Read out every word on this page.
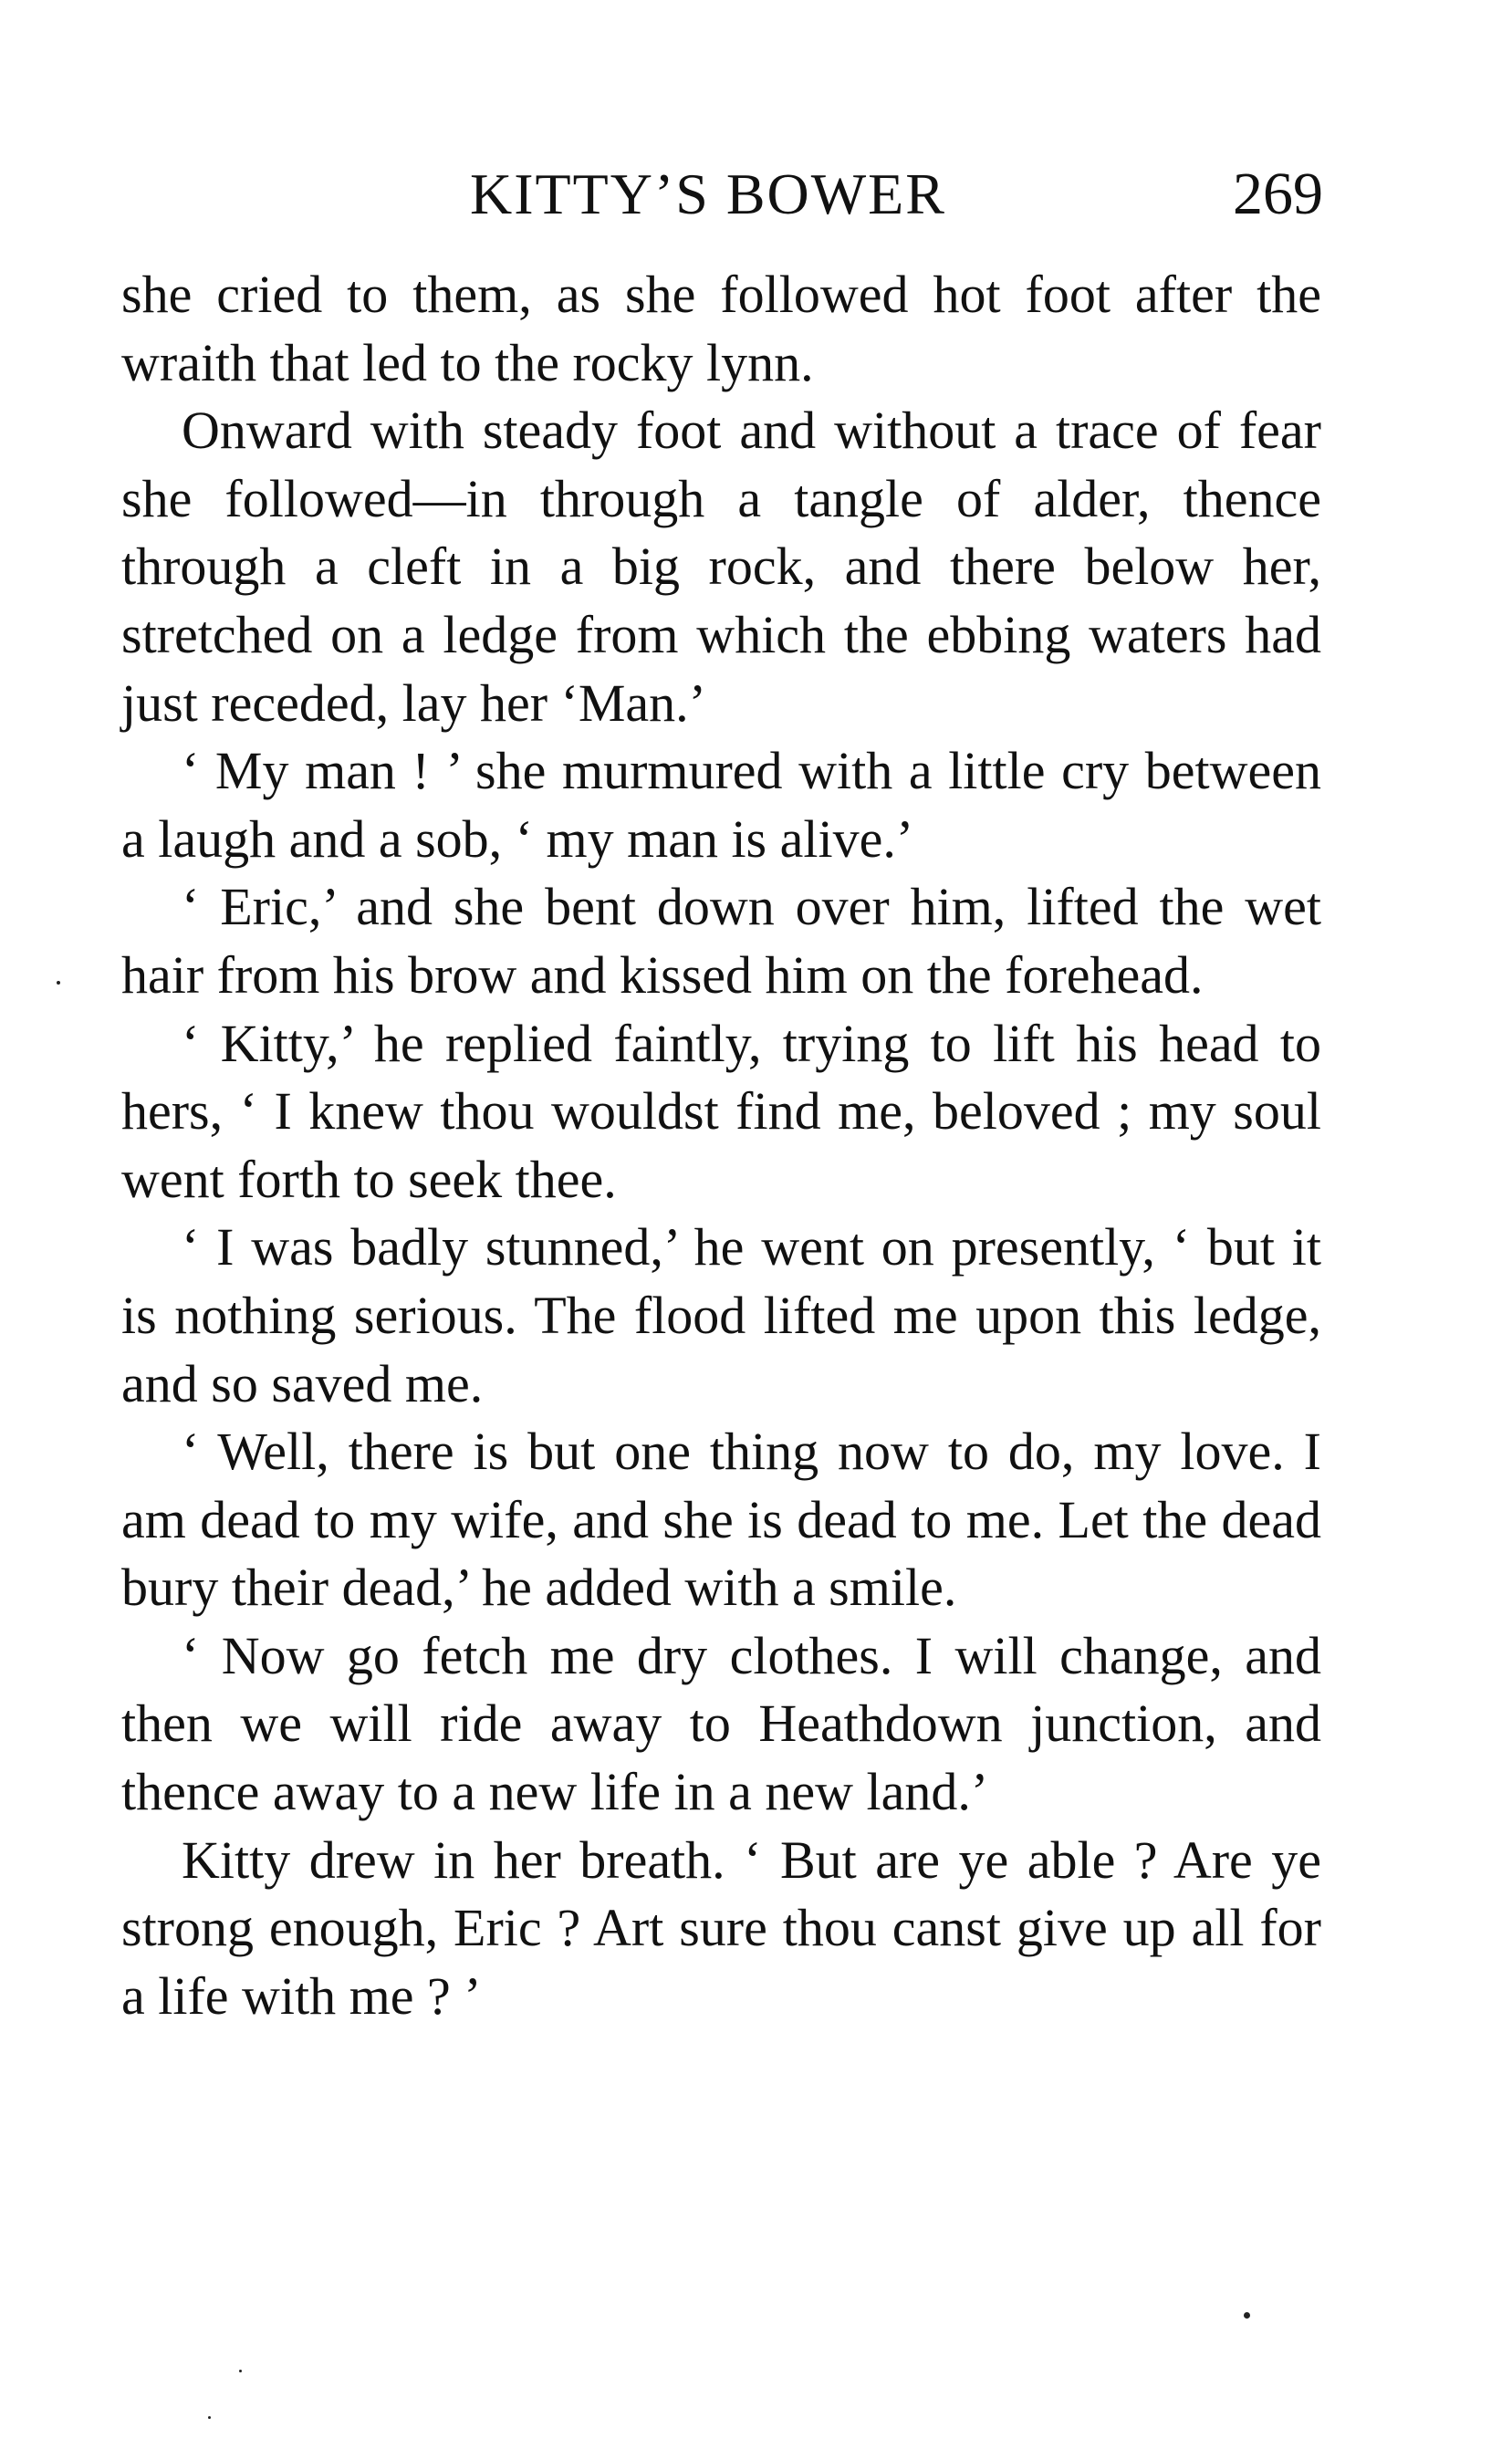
KITTY’S BOWER	269

she cried to them, as she followed hot foot after the wraith that led to the rocky lynn.

Onward with steady foot and without a trace of fear she followed—in through a tangle of alder, thence through a cleft in a big rock, and there below her, stretched on a ledge from which the ebbing waters had just receded, lay her ‘Man.’

‘ My man ! ’ she murmured with a little cry between a laugh and a sob, ‘ my man is alive.’

‘ Eric,’ and she bent down over him, lifted the wet hair from his brow and kissed him on the forehead.

‘ Kitty,’ he replied faintly, trying to lift his head to hers, ‘ I knew thou wouldst find me, beloved ; my soul went forth to seek thee.

‘ I was badly stunned,’ he went on presently, ‘ but it is nothing serious. The flood lifted me upon this ledge, and so saved me.

‘ Well, there is but one thing now to do, my love. I am dead to my wife, and she is dead to me. Let the dead bury their dead,’ he added with a smile.

‘ Now go fetch me dry clothes. I will change, and then we will ride away to Heathdown junction, and thence away to a new life in a new land.’

Kitty drew in her breath. ‘ But are ye able ? Are ye strong enough, Eric ? Art sure thou canst give up all for a life with me ? ’
